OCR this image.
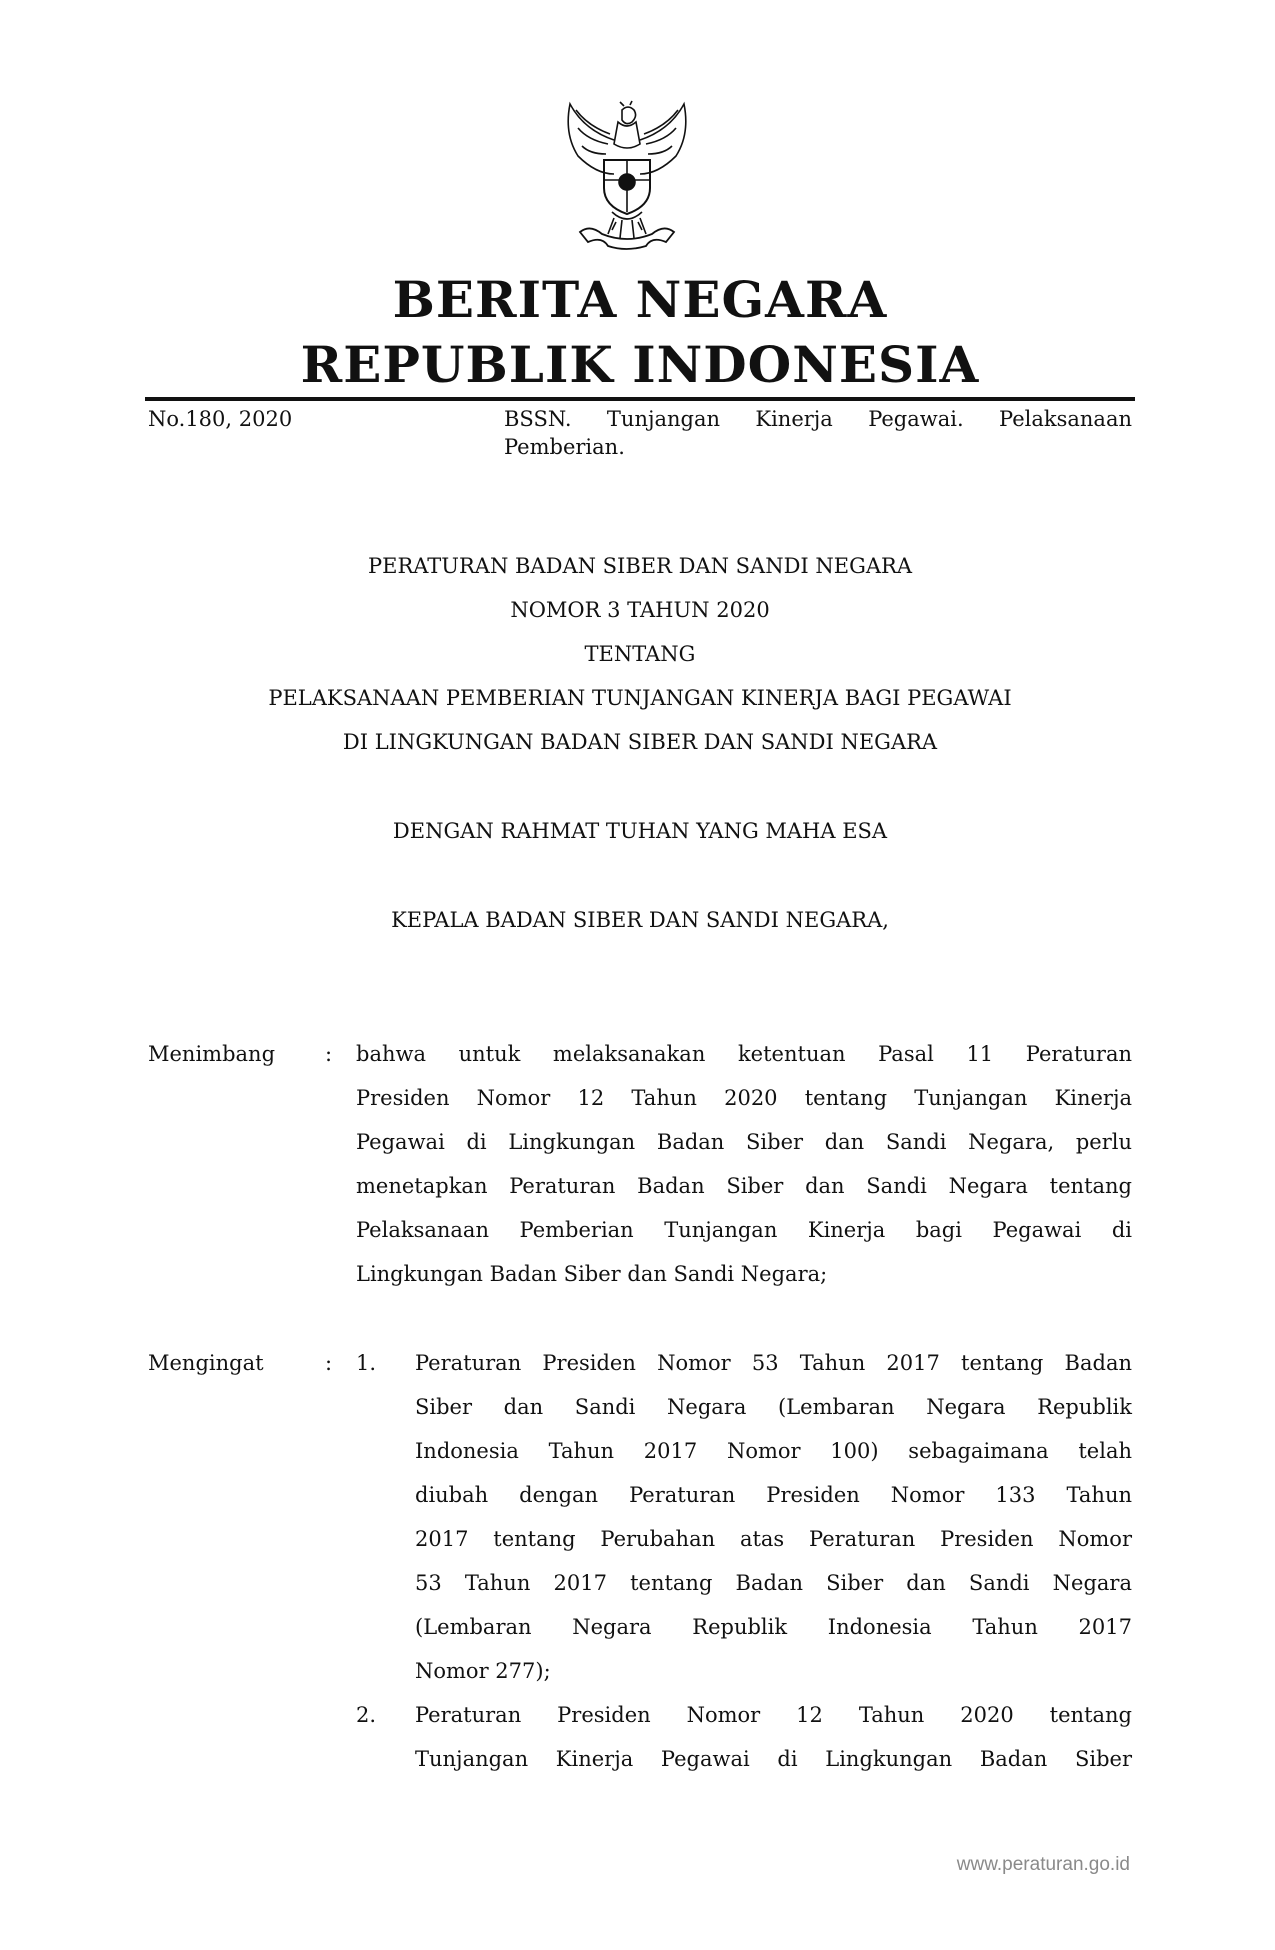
BERITA NEGARA
REPUBLIK INDONESIA
No.180, 2020	BSSN. Tunjangan Kinerja Pegawai. Pelaksanaan
Pemberian.
PERATURAN BADAN SIBER DAN SANDI NEGARA
NOMOR 3 TAHUN 2020
TENTANG
PELAKSANAAN PEMBERIAN TUNJANGAN KINERJA BAGI PEGAWAI
DI LINGKUNGAN BADAN SIBER DAN SANDI NEGARA
DENGAN RAHMAT TUHAN YANG MAHA ESA
KEPALA BADAN SIBER DAN SANDI NEGARA,
Menimbang : bahwa untuk melaksanakan ketentuan Pasal 11 Peraturan
Presiden Nomor 12 Tahun 2020 tentang Tunjangan Kinerja
Pegawai di Lingkungan Badan Siber dan Sandi Negara, perlu
menetapkan Peraturan Badan Siber dan Sandi Negara tentang
Pelaksanaan Pemberian Tunjangan Kinerja bagi Pegawai di
Lingkungan Badan Siber dan Sandi Negara;
Mengingat	: 1. Peraturan Presiden Nomor 53 Tahun 2017 tentang Badan
Siber dan Sandi Negara (Lembaran Negara Republik
Indonesia Tahun 2017 Nomor 100) sebagaimana telah
diubah dengan Peraturan Presiden Nomor 133 Tahun
2017 tentang Perubahan atas Peraturan Presiden Nomor
53 Tahun 2017 tentang Badan Siber dan Sandi Negara
(Lembaran Negara Republik Indonesia Tahun 2017
Nomor 277);
2. Peraturan Presiden Nomor 12 Tahun 2020 tentang
Tunjangan Kinerja Pegawai di Lingkungan Badan Siber
www.peraturan.go.id
